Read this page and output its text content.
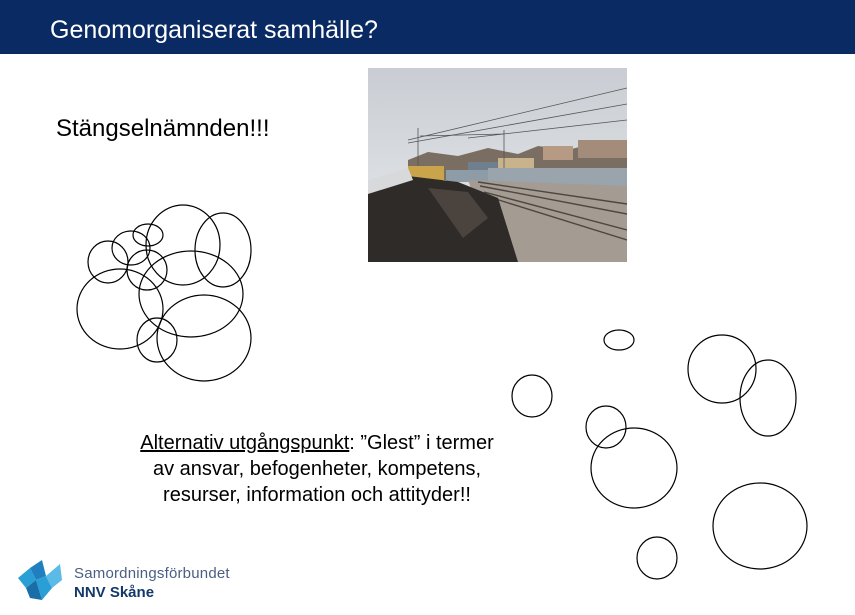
Genomorganiserat samhälle?
Stängselnämnden!!!
Alternativ utgångspunkt: ”Glest” i termer
av ansvar, befogenheter, kompetens,
resurser, information och attityder!!
Samordningsförbundet
NNV Skåne
